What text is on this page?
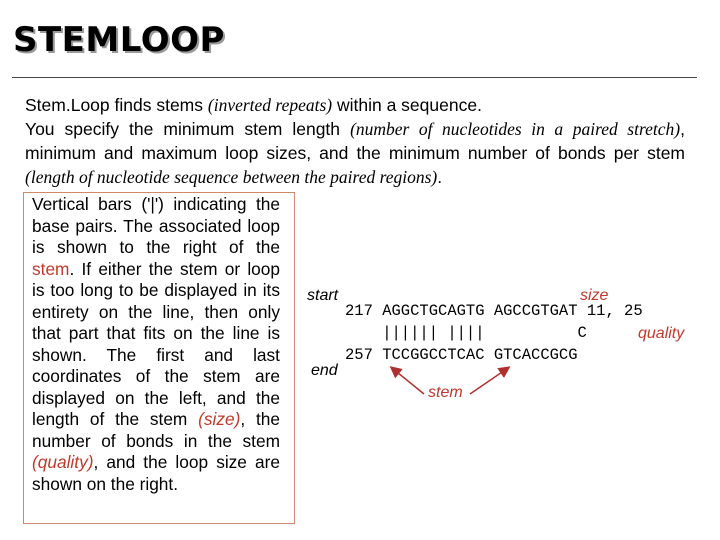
STEMLOOP
Stem.Loop finds stems (inverted repeats) within a sequence.
You specify the minimum stem length (number of nucleotides in a paired stretch), minimum and maximum loop sizes, and the minimum number of bonds per stem (length of nucleotide sequence between the paired regions).
Vertical bars ('|') indicating the base pairs. The associated loop is shown to the right of the stem. If either the stem or loop is too long to be displayed in its entirety on the line, then only that part that fits on the line is shown. The first and last coordinates of the stem are displayed on the left, and the length of the stem (size), the number of bonds in the stem (quality), and the loop size are shown on the right.
217 AGGCTGCAGTG AGCCGTGAT 11, 25
|||||| ||||          C
257 TCCGGCCTCAC GTCACCGCG
start
end
size
quality
stem
